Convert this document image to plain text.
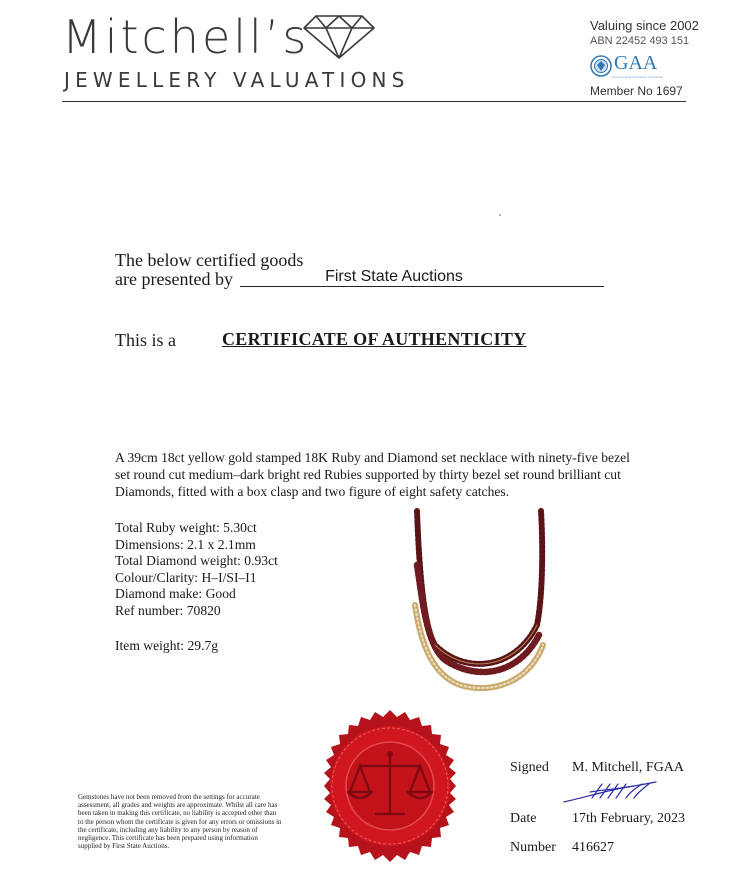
Mitchell’s
JEWELLERY VALUATIONS
Valuing since 2002
ABN 22452 493 151
GAA
Gemmological Association of Australia
Member No 1697
The below certified goods
are presented by	First State Auctions
This is a	CERTIFICATE OF AUTHENTICITY
A 39cm 18ct yellow gold stamped 18K Ruby and Diamond set necklace with ninety-five bezel set round cut medium–dark bright red Rubies supported by thirty bezel set round brilliant cut Diamonds, fitted with a box clasp and two figure of eight safety catches.
Total Ruby weight: 5.30ct
Dimensions: 2.1 x 2.1mm
Total Diamond weight: 0.93ct
Colour/Clarity: H–I/SI–I1
Diamond make: Good
Ref number: 70820
Item weight: 29.7g
Gemstones have not been removed from the settings for accurate assessment, all grades and weights are approximate. Whilst all care has been taken in making this certificate, no liability is accepted other than to the person whom the certificate is given for any errors or omissions in the certificate, including any liability to any person by reason of negligence. This certificate has been prepared using information supplied by First State Auctions.
Signed M. Mitchell, FGAA
Date	17th February, 2023
Number 416627
